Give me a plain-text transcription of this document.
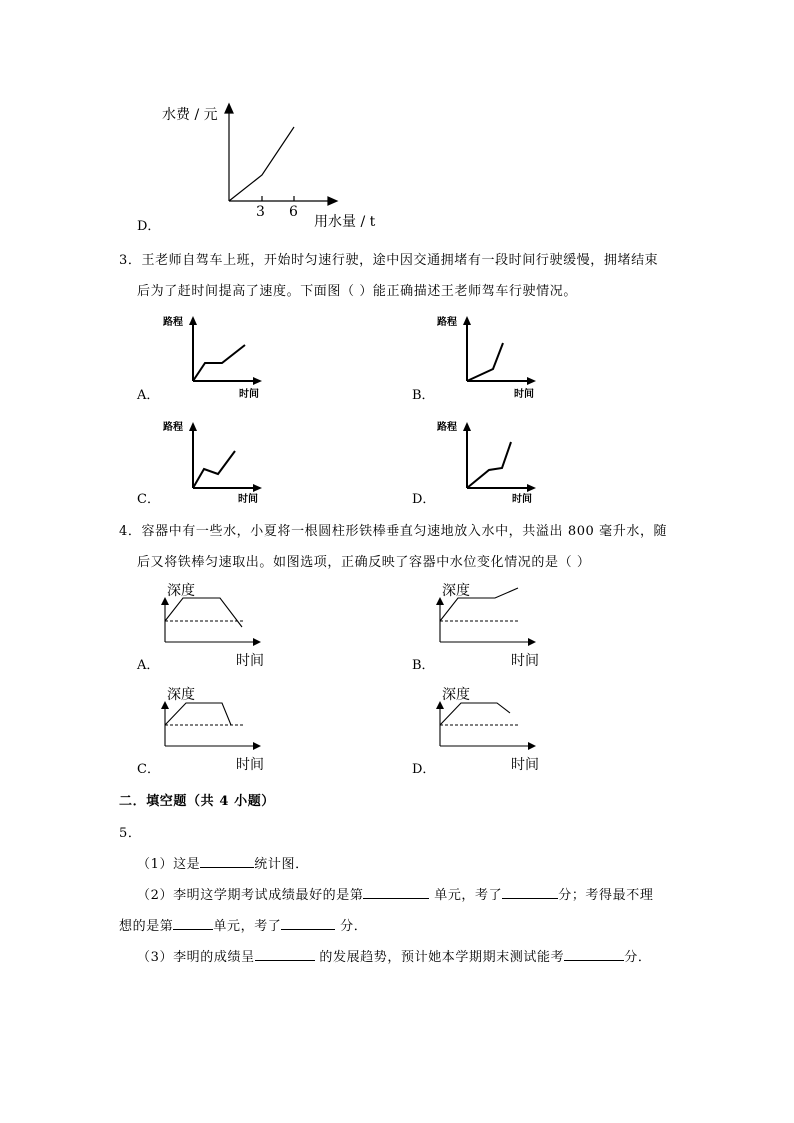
D．
水费 / 元
用水量 / t
3 6
3．王老师自驾车上班，开始时匀速行驶，途中因交通拥堵有一段时间行驶缓慢，拥堵结束
后为了赶时间提高了速度。下面图（ ）能正确描述王老师驾车行驶情况。
A．
路程
时间	B．
路程
时间
C．
路程
时间	D．
路程
时间
4．容器中有一些水，小夏将一根圆柱形铁棒垂直匀速地放入水中，共溢出 800 毫升水，随
后又将铁棒匀速取出。如图选项，正确反映了容器中水位变化情况的是（ ）
A．
深度
时间	B．
深度
时间
C．
深度
时间	D．
深度
时间
二．填空题（共 4 小题）
5．
（1）这是	统计图．
（2）李明这学期考试成绩最好的是第	单元，考了	分；考得最不理
想的是第	单元，考了	分．
（3）李明的成绩呈	的发展趋势，预计她本学期期末测试能考	分．
